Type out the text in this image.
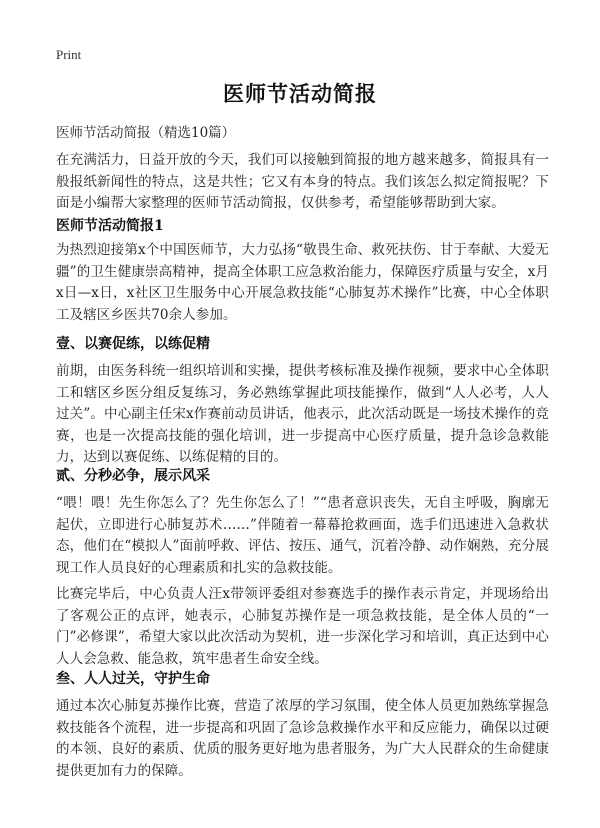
Print
医师节活动简报
医师节活动简报（精选10篇）

在充满活力，日益开放的今天，我们可以接触到简报的地方越来越多，简报具有一般报纸新闻性的特点，这是共性；它又有本身的特点。我们该怎么拟定简报呢？下面是小编帮大家整理的医师节活动简报，仅供参考，希望能够帮助到大家。

医师节活动简报1

为热烈迎接第x个中国医师节，大力弘扬“敬畏生命、救死扶伤、甘于奉献、大爱无疆”的卫生健康崇高精神，提高全体职工应急救治能力，保障医疗质量与安全，x月x日—x日，x社区卫生服务中心开展急救技能“心肺复苏术操作”比赛，中心全体职工及辖区乡医共70余人参加。

壹、以赛促练，以练促精

前期，由医务科统一组织培训和实操，提供考核标准及操作视频，要求中心全体职工和辖区乡医分组反复练习，务必熟练掌握此项技能操作，做到“人人必考，人人过关”。中心副主任宋x作赛前动员讲话，他表示，此次活动既是一场技术操作的竞赛，也是一次提高技能的强化培训，进一步提高中心医疗质量，提升急诊急救能力，达到以赛促练、以练促精的目的。

贰、分秒必争，展示风采

“喂！喂！先生你怎么了？先生你怎么了！”“患者意识丧失，无自主呼吸，胸廓无起伏，立即进行心肺复苏术……”伴随着一幕幕抢救画面，选手们迅速进入急救状态，他们在“模拟人”面前呼救、评估、按压、通气，沉着冷静、动作娴熟，充分展现工作人员良好的心理素质和扎实的急救技能。

比赛完毕后，中心负责人汪x带领评委组对参赛选手的操作表示肯定，并现场给出了客观公正的点评，她表示，心肺复苏操作是一项急救技能，是全体人员的“一门”必修课”，希望大家以此次活动为契机，进一步深化学习和培训，真正达到中心人人会急救、能急救，筑牢患者生命安全线。

叁、人人过关，守护生命

通过本次心肺复苏操作比赛，营造了浓厚的学习氛围，使全体人员更加熟练掌握急救技能各个流程，进一步提高和巩固了急诊急救操作水平和反应能力，确保以过硬的本领、良好的素质、优质的服务更好地为患者服务，为广大人民群众的生命健康提供更加有力的保障。
